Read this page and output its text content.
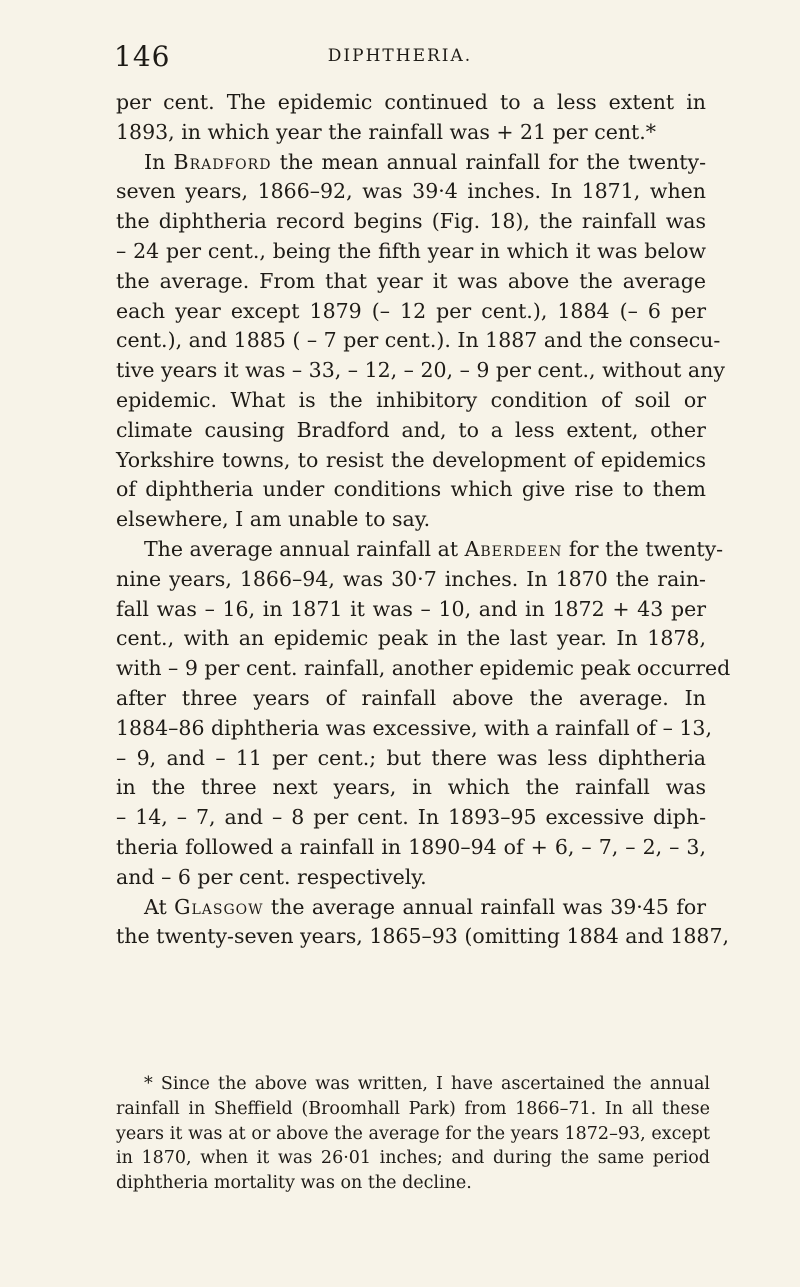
146	DIPHTHERIA.
per cent. The epidemic continued to a less extent in
1893, in which year the rainfall was + 21 per cent.*
In Bradford the mean annual rainfall for the twenty-
seven years, 1866–92, was 39·4 inches. In 1871, when
the diphtheria record begins (Fig. 18), the rainfall was
– 24 per cent., being the fifth year in which it was below
the average. From that year it was above the average
each year except 1879 (– 12 per cent.), 1884 (– 6 per
cent.), and 1885 ( – 7 per cent.). In 1887 and the consecu-
tive years it was – 33, – 12, – 20, – 9 per cent., without any
epidemic. What is the inhibitory condition of soil or
climate causing Bradford and, to a less extent, other
Yorkshire towns, to resist the development of epidemics
of diphtheria under conditions which give rise to them
elsewhere, I am unable to say.
The average annual rainfall at Aberdeen for the twenty-
nine years, 1866–94, was 30·7 inches. In 1870 the rain-
fall was – 16, in 1871 it was – 10, and in 1872 + 43 per
cent., with an epidemic peak in the last year. In 1878,
with – 9 per cent. rainfall, another epidemic peak occurred
after three years of rainfall above the average. In
1884–86 diphtheria was excessive, with a rainfall of – 13,
– 9, and – 11 per cent.; but there was less diphtheria
in the three next years, in which the rainfall was
– 14, – 7, and – 8 per cent. In 1893–95 excessive diph-
theria followed a rainfall in 1890–94 of + 6, – 7, – 2, – 3,
and – 6 per cent. respectively.
At Glasgow the average annual rainfall was 39·45 for
the twenty-seven years, 1865–93 (omitting 1884 and 1887,
* Since the above was written, I have ascertained the annual
rainfall in Sheffield (Broomhall Park) from 1866–71. In all these
years it was at or above the average for the years 1872–93, except
in 1870, when it was 26·01 inches; and during the same period
diphtheria mortality was on the decline.
